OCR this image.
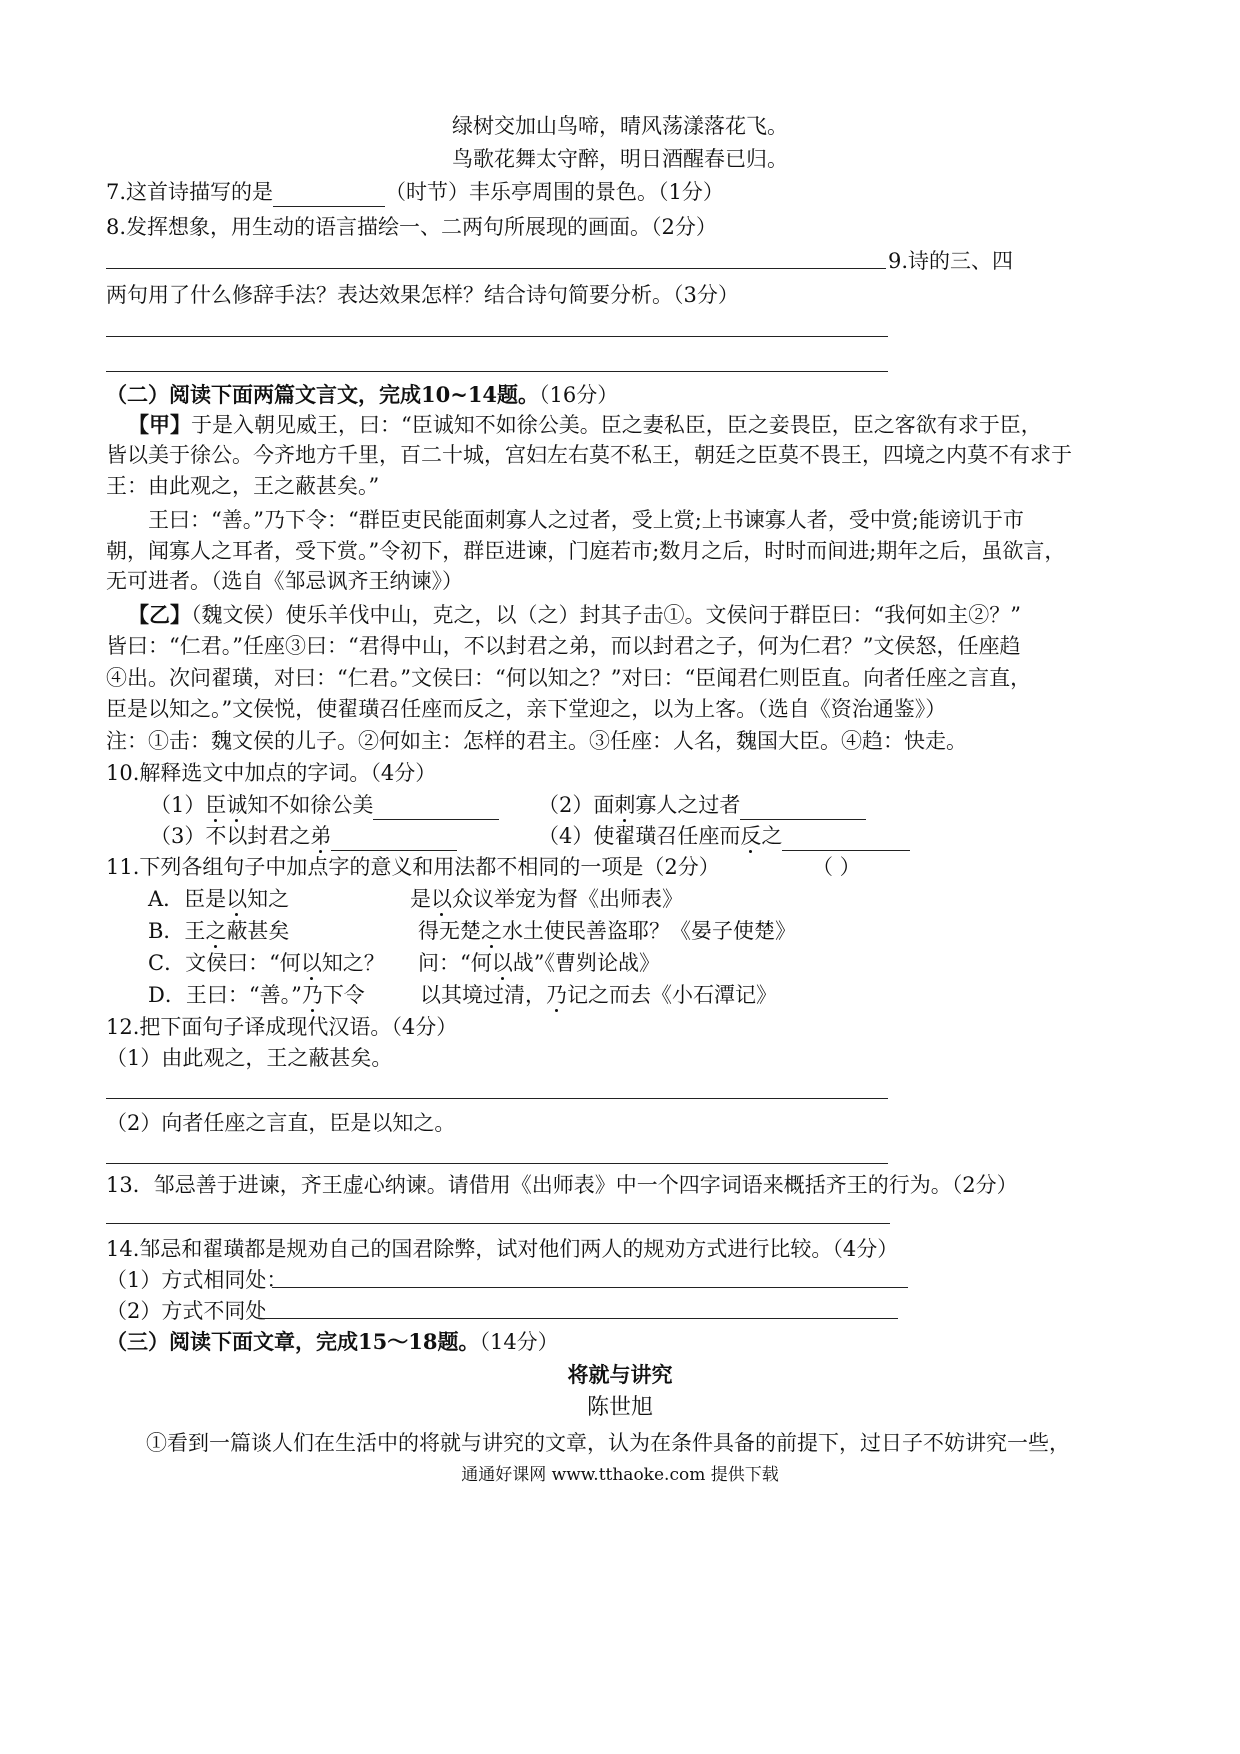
绿树交加山鸟啼，晴风荡漾落花飞。
鸟歌花舞太守醉，明日酒醒春已归。
7.这首诗描写的是	（时节）丰乐亭周围的景色。（1分）
8.发挥想象，用生动的语言描绘一、二两句所展现的画面。（2分）
9.诗的三、四
两句用了什么修辞手法？表达效果怎样？结合诗句简要分析。（3分）
（二）阅读下面两篇文言文，完成10~14题。（16分）
【甲】于是入朝见威王，曰：“臣诚知不如徐公美。臣之妻私臣，臣之妾畏臣，臣之客欲有求于臣，
皆以美于徐公。今齐地方千里，百二十城，宫妇左右莫不私王，朝廷之臣莫不畏王，四境之内莫不有求于
王：由此观之，王之蔽甚矣。”
王曰：“善。”乃下令：“群臣吏民能面刺寡人之过者，受上赏;上书谏寡人者，受中赏;能谤讥于市
朝，闻寡人之耳者，受下赏。”令初下，群臣进谏，门庭若市;数月之后，时时而间进;期年之后，虽欲言，
无可进者。（选自《邹忌讽齐王纳谏》）
【乙】（魏文侯）使乐羊伐中山，克之，以（之）封其子击①。文侯问于群臣曰：“我何如主②？”
皆曰：“仁君。”任座③曰：“君得中山，不以封君之弟，而以封君之子，何为仁君？”文侯怒，任座趋
④出。次问翟璜，对曰：“仁君。”文侯曰：“何以知之？”对曰：“臣闻君仁则臣直。向者任座之言直，
臣是以知之。”文侯悦，使翟璜召任座而反之，亲下堂迎之，以为上客。（选自《资治通鉴》）
注：①击：魏文侯的儿子。②何如主：怎样的君主。③任座：人名，魏国大臣。④趋：快走。
10.解释选文中加点的字词。（4分）
（1）臣诚知不如徐公美	（2）面刺寡人之过者
（3）不以封君之弟	（4）使翟璜召任座而反之
11.下列各组句子中加点字的意义和用法都不相同的一项是（2分）	（ ）
A．臣是以知之	是以众议举宠为督《出师表》
B．王之蔽甚矣	得无楚之水土使民善盗耶？《晏子使楚》
C．文侯曰：“何以知之？ 问：“何以战”《曹刿论战》
D．王曰：“善。”乃下令	以其境过清，乃记之而去《小石潭记》
12.把下面句子译成现代汉语。（4分）
（1）由此观之，王之蔽甚矣。
（2）向者任座之言直，臣是以知之。
13．邹忌善于进谏，齐王虚心纳谏。请借用《出师表》中一个四字词语来概括齐王的行为。（2分）
14.邹忌和翟璜都是规劝自己的国君除弊，试对他们两人的规劝方式进行比较。（4分）
（1）方式相同处：
（2）方式不同处
（三）阅读下面文章，完成15～18题。（14分）
将就与讲究
陈世旭
①看到一篇谈人们在生活中的将就与讲究的文章，认为在条件具备的前提下，过日子不妨讲究一些，
通通好课网 www.tthaoke.com 提供下载
